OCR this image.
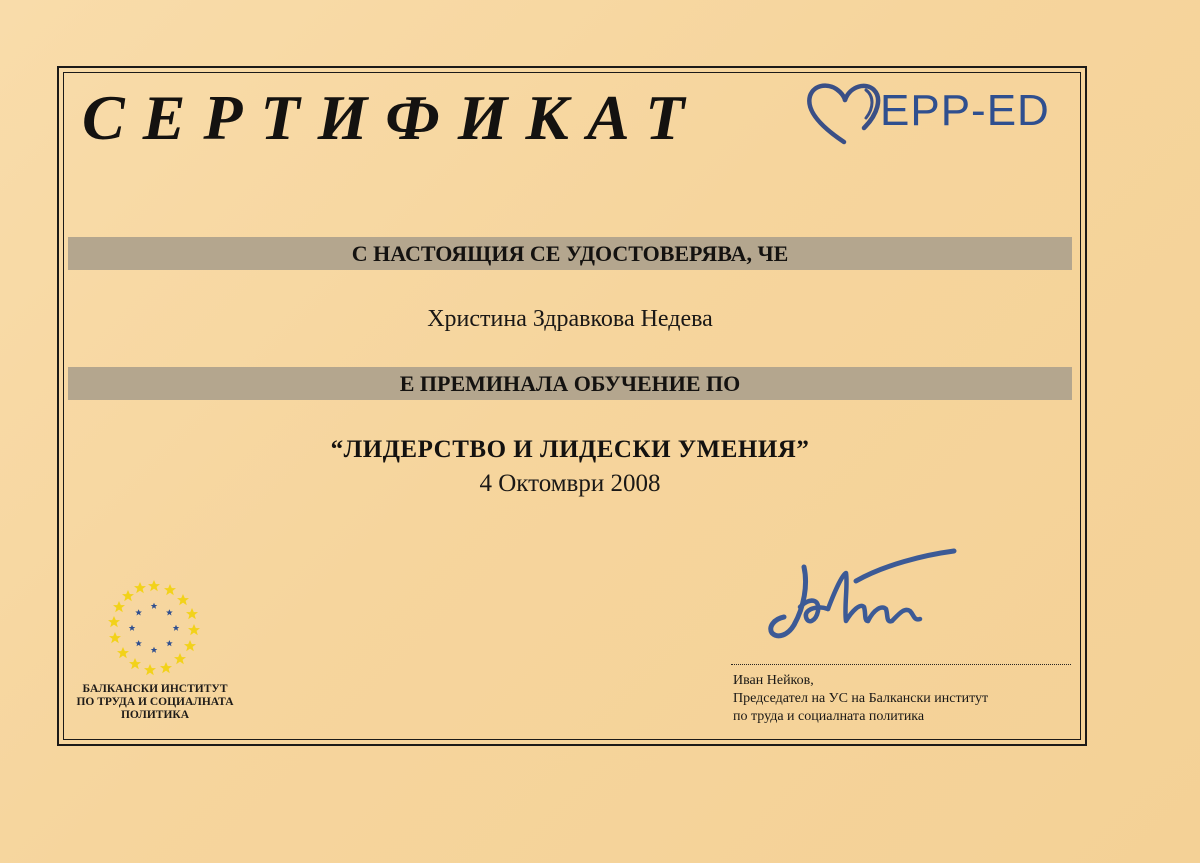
СЕРТИФИКАТ	EPP-ED
С НАСТОЯЩИЯ СЕ УДОСТОВЕРЯВА, ЧЕ
Христина Здравкова Недева
Е ПРЕМИНАЛА ОБУЧЕНИЕ ПО
“ЛИДЕРСТВО И ЛИДЕСКИ УМЕНИЯ”
4 Октомври 2008
БАЛКАНСКИ ИНСТИТУТ
ПО ТРУДА И СОЦИАЛНАТА
ПОЛИТИКА
Иван Нейков,
Председател на УС на Балкански институт
по труда и социалната политика
